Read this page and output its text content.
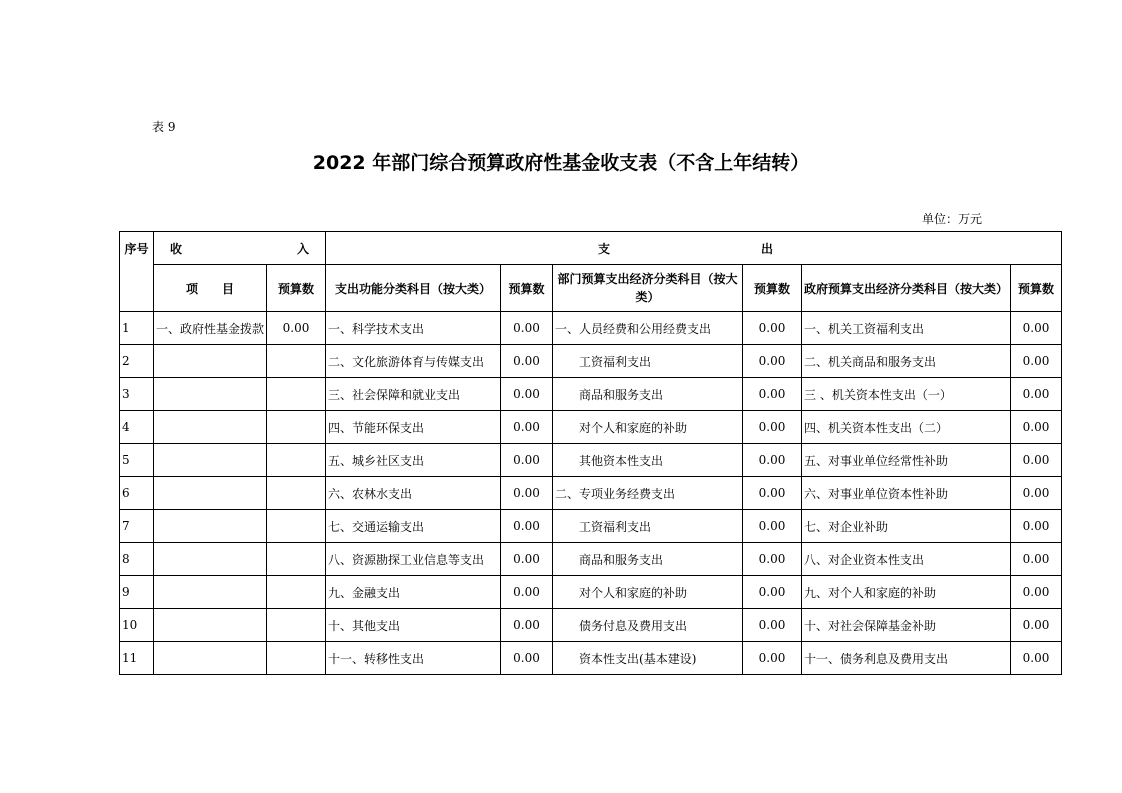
表 9
2022 年部门综合预算政府性基金收支表（不含上年结转）
单位：万元
序号	收 入		支 出					

	项　　目	预算数	支出功能分类科目（按大类）	预算数	部门预算支出经济分类科目（按大类）	预算数	政府预算支出经济分类科目（按大类）	预算数
1	一、政府性基金拨款	0.00	一、科学技术支出	0.00	一、人员经费和公用经费支出	0.00	一、机关工资福利支出	0.00
2			二、文化旅游体育与传媒支出	0.00	工资福利支出	0.00	二、机关商品和服务支出	0.00
3			三、社会保障和就业支出	0.00	商品和服务支出	0.00	三 、机关资本性支出（一）	0.00
4			四、节能环保支出	0.00	对个人和家庭的补助	0.00	四、机关资本性支出（二）	0.00
5			五、城乡社区支出	0.00	其他资本性支出	0.00	五、对事业单位经常性补助	0.00
6			六、农林水支出	0.00	二、专项业务经费支出	0.00	六、对事业单位资本性补助	0.00
7			七、交通运输支出	0.00	工资福利支出	0.00	七、对企业补助	0.00
8			八、资源勘探工业信息等支出	0.00	商品和服务支出	0.00	八、对企业资本性支出	0.00
9			九、金融支出	0.00	对个人和家庭的补助	0.00	九、对个人和家庭的补助	0.00
10			十、其他支出	0.00	债务付息及费用支出	0.00	十、对社会保障基金补助	0.00
11			十一、转移性支出	0.00	资本性支出(基本建设)	0.00	十一、债务利息及费用支出	0.00
